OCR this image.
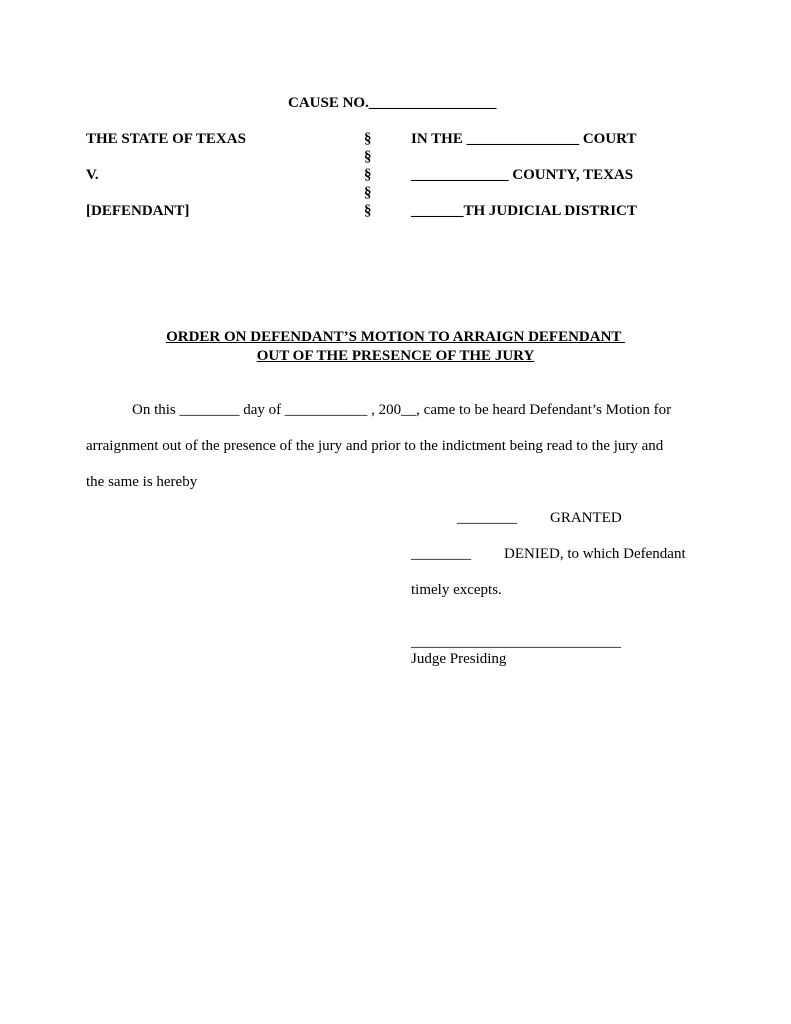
CAUSE NO._________________
THE STATE OF TEXAS
V.
[DEFENDANT]
§
§
§
§
§
IN THE _______________ COURT
_____________ COUNTY, TEXAS
_______TH JUDICIAL DISTRICT
ORDER ON DEFENDANT’S MOTION TO ARRAIGN DEFENDANT
OUT OF THE PRESENCE OF THE JURY
On this ________ day of ___________ , 200__, came to be heard Defendant’s Motion for
arraignment out of the presence of the jury and prior to the indictment being read to the jury and
the same is hereby
________ GRANTED
________ DENIED, to which Defendant
timely excepts.
____________________________
Judge Presiding
